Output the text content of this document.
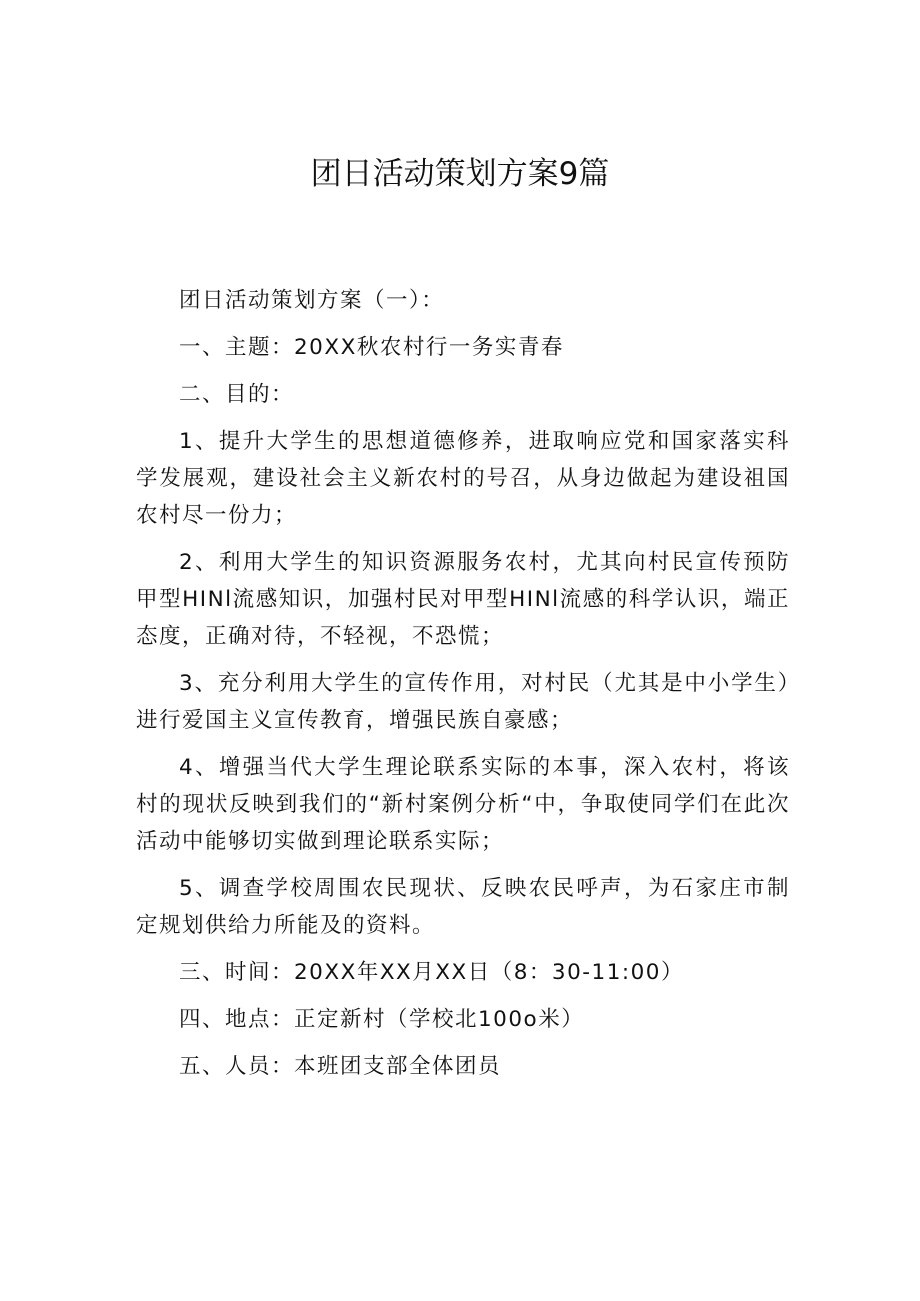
团日活动策划方案9篇

团日活动策划方案（一）：

一、主题：20XX秋农村行一务实青春

二、目的：

1、提升大学生的思想道德修养，进取响应党和国家落实科学发展观，建设社会主义新农村的号召，从身边做起为建设祖国农村尽一份力；

2、利用大学生的知识资源服务农村，尤其向村民宣传预防甲型HINl流感知识，加强村民对甲型HINl流感的科学认识，端正态度，正确对待，不轻视，不恐慌；

3、充分利用大学生的宣传作用，对村民（尤其是中小学生）进行爱国主义宣传教育，增强民族自豪感；

4、增强当代大学生理论联系实际的本事，深入农村，将该村的现状反映到我们的“新村案例分析“中，争取使同学们在此次活动中能够切实做到理论联系实际；

5、调查学校周围农民现状、反映农民呼声，为石家庄市制定规划供给力所能及的资料。

三、时间：20XX年XX月XX日（8：30-11:00）

四、地点：正定新村（学校北100o米）

五、人员：本班团支部全体团员
